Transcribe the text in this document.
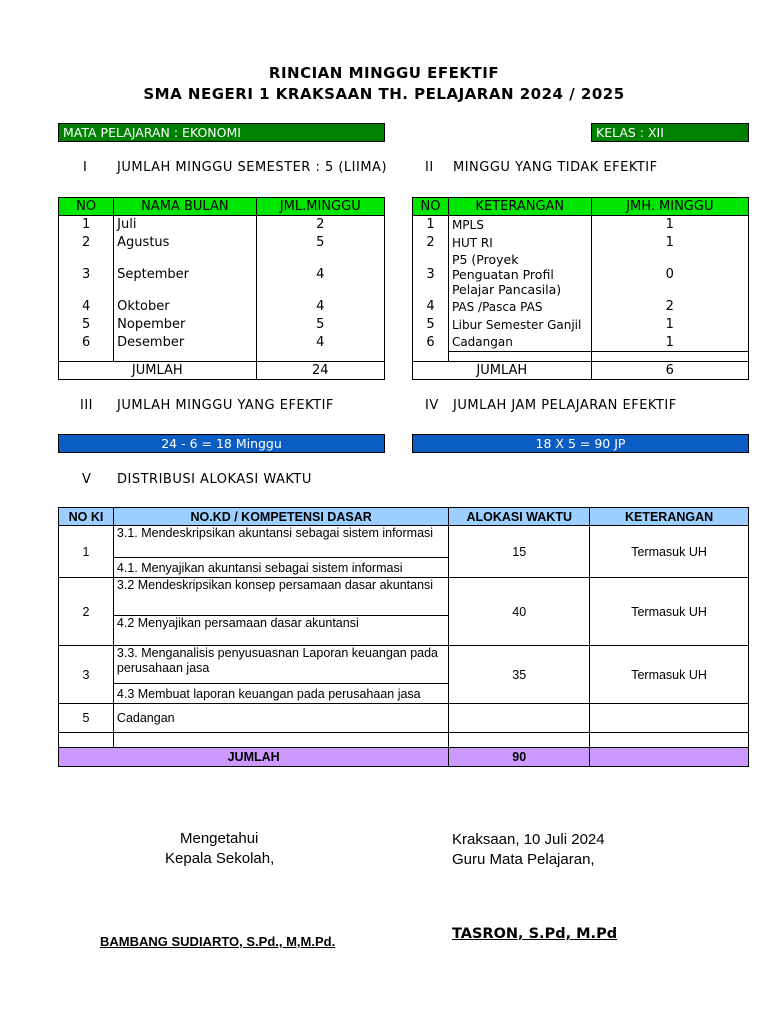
RINCIAN MINGGU EFEKTIF
SMA NEGERI 1 KRAKSAAN TH. PELAJARAN 2024 / 2025
MATA PELAJARAN : EKONOMI	KELAS : XII
I JUMLAH MINGGU SEMESTER : 5 (LIIMA)	II MINGGU YANG TIDAK EFEKTIF
NO	NAMA BULAN	JML.MINGGU
1	Juli	2
2	Agustus	5
3	September	4
4	Oktober	4
5	Nopember	5
6	Desember	4

JUMLAH		24
NO	KETERANGAN	JMH. MINGGU
1	MPLS	1
2	HUT RI	1
3	P5 (Proyek Penguatan Profil Pelajar Pancasila)	0
4	PAS /Pasca PAS	2
5	Libur Semester Ganjil	1
6	Cadangan	1

JUMLAH		6
III JUMLAH MINGGU YANG EFEKTIF	IV JUMLAH JAM PELAJARAN EFEKTIF
24 - 6 = 18 Minggu	18 X 5 = 90 JP
V DISTRIBUSI ALOKASI WAKTU
NO KI	NO.KD / KOMPETENSI DASAR	ALOKASI WAKTU	KETERANGAN
1	3.1. Mendeskripsikan akuntansi sebagai sistem informasi	15	Termasuk UH
	4.1. Menyajikan akuntansi sebagai sistem informasi		
2	3.2 Mendeskripsikan konsep persamaan dasar akuntansi	40	Termasuk UH
	4.2 Menyajikan persamaan dasar akuntansi		
3	3.3. Menganalisis penyusuasnan Laporan keuangan pada perusahaan jasa	35	Termasuk UH
	4.3 Membuat laporan keuangan pada perusahaan jasa		
5	Cadangan		

JUMLAH		90	
Mengetahui
Kepala Sekolah,
BAMBANG SUDIARTO, S.Pd., M,M.Pd.
Kraksaan, 10 Juli 2024
Guru Mata Pelajaran,
TASRON, S.Pd, M.Pd
